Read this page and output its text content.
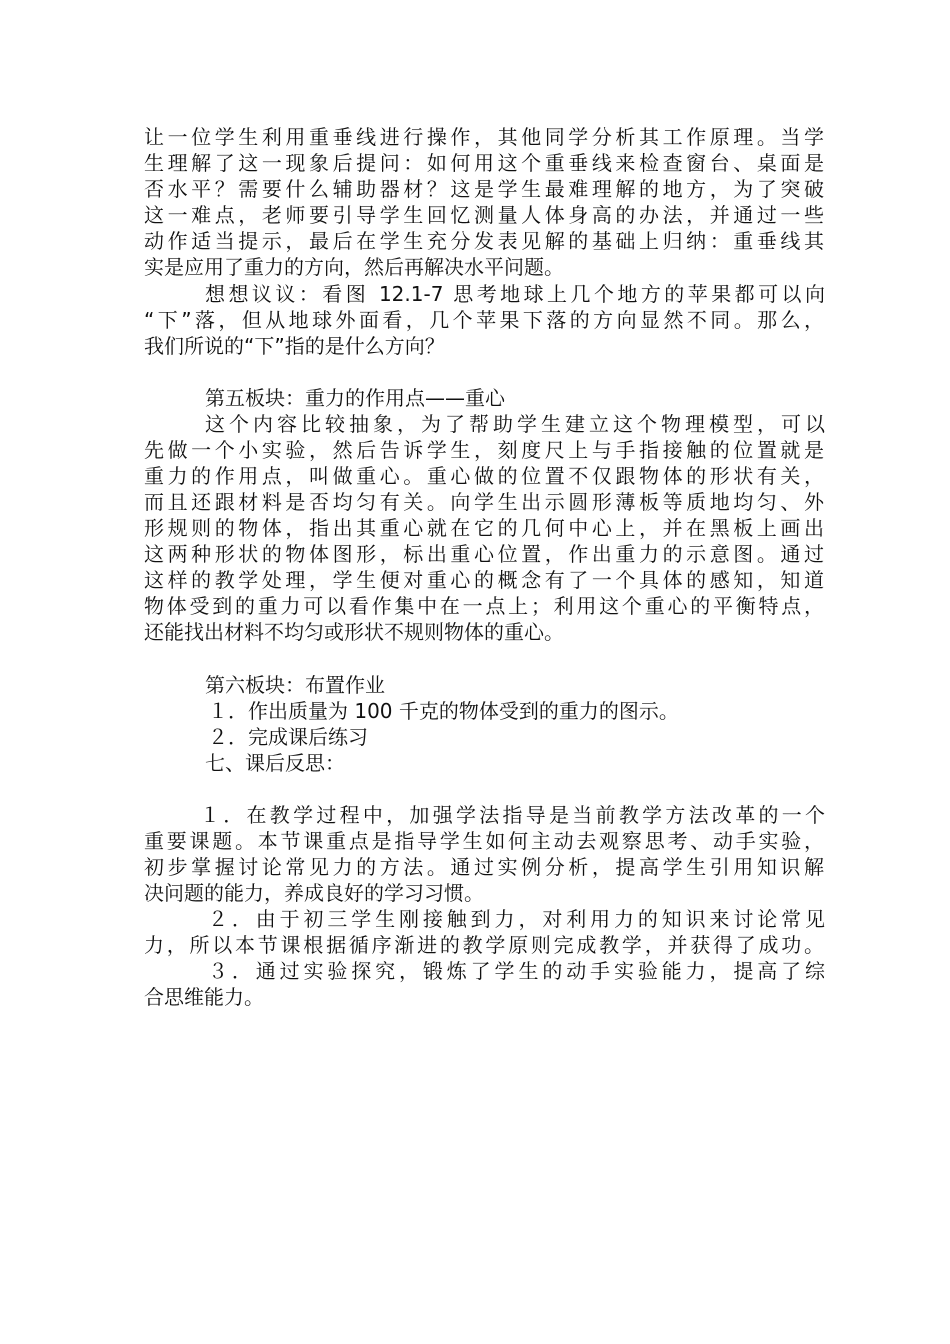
让一位学生利用重垂线进行操作，其他同学分析其工作原理。当学
生理解了这一现象后提问：如何用这个重垂线来检查窗台、桌面是
否水平？需要什么辅助器材？这是学生最难理解的地方，为了突破
这一难点，老师要引导学生回忆测量人体身高的办法，并通过一些
动作适当提示，最后在学生充分发表见解的基础上归纳：重垂线其
实是应用了重力的方向，然后再解决水平问题。
想想议议：看图 12.1-7 思考地球上几个地方的苹果都可以向
“下”落，但从地球外面看，几个苹果下落的方向显然不同。那么，
我们所说的“下”指的是什么方向？
第五板块：重力的作用点——重心
这个内容比较抽象，为了帮助学生建立这个物理模型，可以
先做一个小实验，然后告诉学生，刻度尺上与手指接触的位置就是
重力的作用点，叫做重心。重心做的位置不仅跟物体的形状有关，
而且还跟材料是否均匀有关。向学生出示圆形薄板等质地均匀、外
形规则的物体，指出其重心就在它的几何中心上，并在黑板上画出
这两种形状的物体图形，标出重心位置，作出重力的示意图。通过
这样的教学处理，学生便对重心的概念有了一个具体的感知，知道
物体受到的重力可以看作集中在一点上；利用这个重心的平衡特点，
还能找出材料不均匀或形状不规则物体的重心。
第六板块：布置作业
１．作出质量为 100 千克的物体受到的重力的图示。
２．完成课后练习
七、课后反思：
１．在教学过程中，加强学法指导是当前教学方法改革的一个
重要课题。本节课重点是指导学生如何主动去观察思考、动手实验，
初步掌握讨论常见力的方法。通过实例分析，提高学生引用知识解
决问题的能力，养成良好的学习习惯。
２．由于初三学生刚接触到力，对利用力的知识来讨论常见
力，所以本节课根据循序渐进的教学原则完成教学，并获得了成功。
３．通过实验探究，锻炼了学生的动手实验能力，提高了综
合思维能力。
